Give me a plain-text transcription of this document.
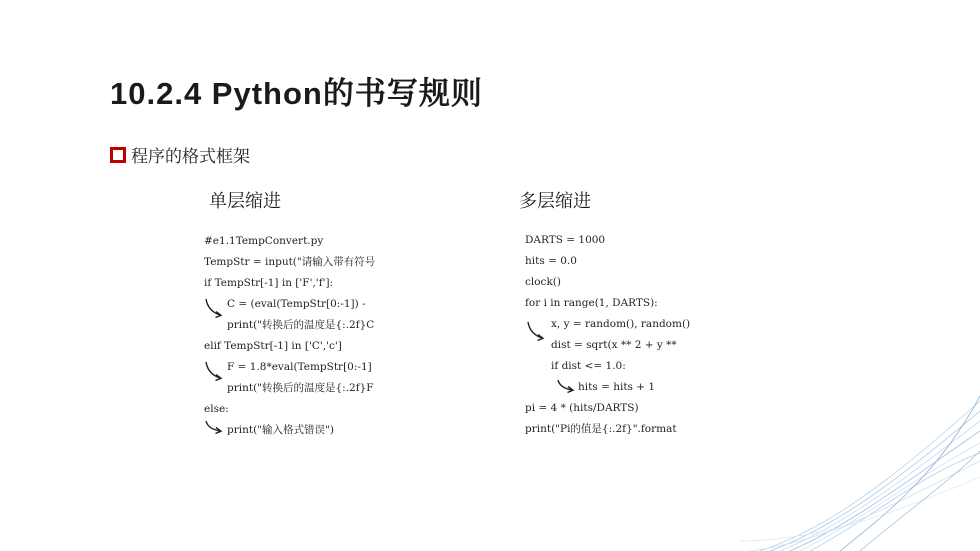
10.2.4 Python的书写规则
程序的格式框架
单层缩进	多层缩进

#e1.1TempConvert.py

TempStr = input("请输入带有符号

if TempStr[-1] in ['F','f']:

C = (eval(TempStr[0:-1]) -

print("转换后的温度是{:.2f}C

elif TempStr[-1] in ['C','c']

F = 1.8*eval(TempStr[0:-1]

print("转换后的温度是{:.2f}F

else:

print("输入格式错误")

DARTS = 1000

hits = 0.0

clock()

for i in range(1, DARTS):

x, y = random(), random()

dist = sqrt(x ** 2 + y **

if dist <= 1.0:

hits = hits + 1

pi = 4 * (hits/DARTS)

print("Pi的值是{:.2f}".format
